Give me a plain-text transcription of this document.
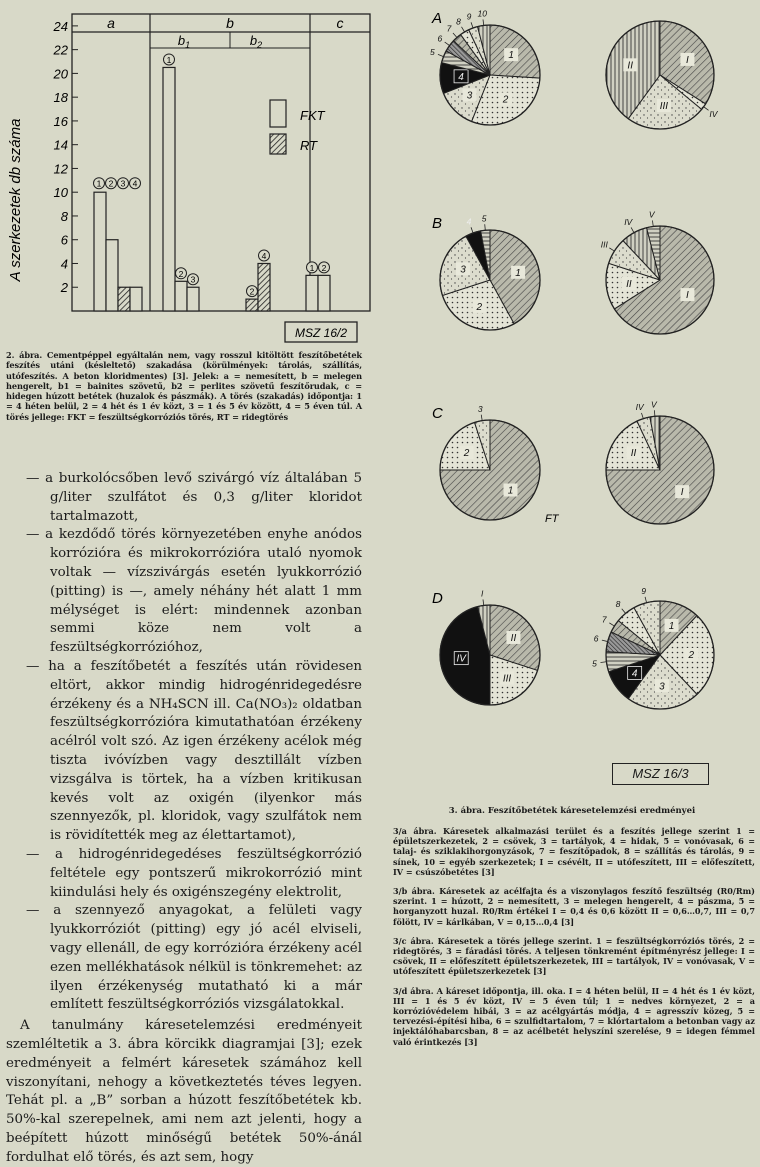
2
4
6
8
10
12
14
16
18
20
22
24	a	b	c
$b_1$	$b_2$
1 2 3 4
1
2
3
2
4
1 2
A szerkezetek db száma
FKT
RT
MSZ 16/2
2. ábra. Cementpéppel egyáltalán nem, vagy rosszul kitöltött feszítőbetétek feszítés utáni (késleltető) szakadása (körülmények: tárolás, szállítás, utófeszítés. A beton kloridmentes) [3]. Jelek: a = nemesített, b = melegen hengerelt, b1 = bainites szövetű, b2 = perlites szövetű feszítőrudak, c = hidegen húzott betétek (huzalok és pászmák). A törés (szakadás) időpontja: 1 = 4 héten belül, 2 = 4 hét és 1 év közt, 3 = 1 és 5 év között, 4 = 5 éven túl. A törés jellege: FKT = feszültségkorróziós törés, RT = ridegtörés
— a burkolócsőben levő szivárgó víz általában 5 g/liter szulfátot és 0,3 g/liter kloridot tartalmazott,
— a kezdődő törés környezetében enyhe anódos korrózióra és mikrokorrózióra utaló nyomok voltak — vízszivárgás esetén lyukkorrózió (pitting) is —, amely néhány hét alatt 1 mm mélységet is elért: mindennek azonban semmi köze nem volt a feszültségkorrózióhoz,
— ha a feszítőbetét a feszítés után rövidesen eltört, akkor mindig hidrogénridegedésre érzékeny és a NH₄SCN ill. Ca(NO₃)₂ oldatban feszültségkorrózióra kimutathatóan érzékeny acélról volt szó. Az igen érzékeny acélok még tiszta ivóvízben vagy desztillált vízben vizsgálva is törtek, ha a vízben kritikusan kevés volt az oxigén (ilyenkor más szennyezők, pl. kloridok, vagy szulfátok nem is rövidítették meg az élettartamot),
— a hidrogénridegedéses feszültségkorrózió feltétele egy pontszerű mikrokorrózió mint kiindulási hely és oxigénszegény elektrolit,
— a szennyező anyagokat, a felületi vagy lyukkorróziót (pitting) egy jó acél elviseli, vagy ellenáll, de egy korrózióra érzékeny acél ezen mellékhatások nélkül is tönkremehet: az ilyen érzékenység mutatható ki a már említett feszültségkorróziós vizsgálatokkal.
A tanulmány káresetelemzési eredményeit szemléltetik a 3. ábra körcikk diagramjai [3]; ezek eredményeit a felmért káresetek számához kell viszonyítani, nehogy a következtetés téves legyen. Tehát pl. a „B” sorban a húzott feszítőbetétek kb. 50%-kal szerepelnek, ami nem azt jelenti, hogy a beépített húzott minőségű betétek 50%-ánál fordulhat elő törés, és azt sem, hogy
A
1
2
3
4
5
6
7
8 9 10
I
IV
III
II
B
1
2
3
4 5
I
II
III
IV
V
C
1
2
3
I
II
IV V
FT
D
II
III
IV
I
1
2
3
4
5
6
7
8
9
MSZ 16/3
3. ábra. Feszítőbetétek káresetelemzési eredményei

3/a ábra. Káresetek alkalmazási terület és a feszítés jellege szerint 1 = épületszerkezetek, 2 = csövek, 3 = tartályok, 4 = hidak, 5 = vonóvasak, 6 = talaj- és sziklakihorgonyzások, 7 = feszítőpadok, 8 = szállítás és tárolás, 9 = sínek, 10 = egyéb szerkezetek; I = csévélt, II = utófeszített, III = előfeszített, IV = csúszóbetétes [3]

3/b ábra. Káresetek az acélfajta és a viszonylagos feszítő feszültség (R0/Rm) szerint. 1 = húzott, 2 = nemesített, 3 = melegen hengerelt, 4 = pászma, 5 = horganyzott huzal. R0/Rm értékei I = 0,4 és 0,6 között II = 0,6…0,7, III = 0,7 fölött, IV = kárlkában, V = 0,15…0,4 [3]

3/c ábra. Káresetek a törés jellege szerint. 1 = feszültségkorróziós törés, 2 = ridegtörés, 3 = fáradási törés. A teljesen tönkremént építményrész jellege: I = csövek, II = előfeszített épületszerkezetek, III = tartályok, IV = vonóvasak, V = utófeszített épületszerkezetek [3]

3/d ábra. A káreset időpontja, ill. oka. I = 4 héten belül, II = 4 hét és 1 év közt, III = 1 és 5 év közt, IV = 5 éven túl; 1 = nedves környezet, 2 = a korrózióvédelem hibái, 3 = az acélgyártás módja, 4 = agresszív közeg, 5 = tervezési-építési hiba, 6 = szulfidtartalom, 7 = klórtartalom a betonban vagy az injektálóhabarcsban, 8 = az acélbetét helyszíni szerelése, 9 = idegen fémmel való érintkezés [3]
